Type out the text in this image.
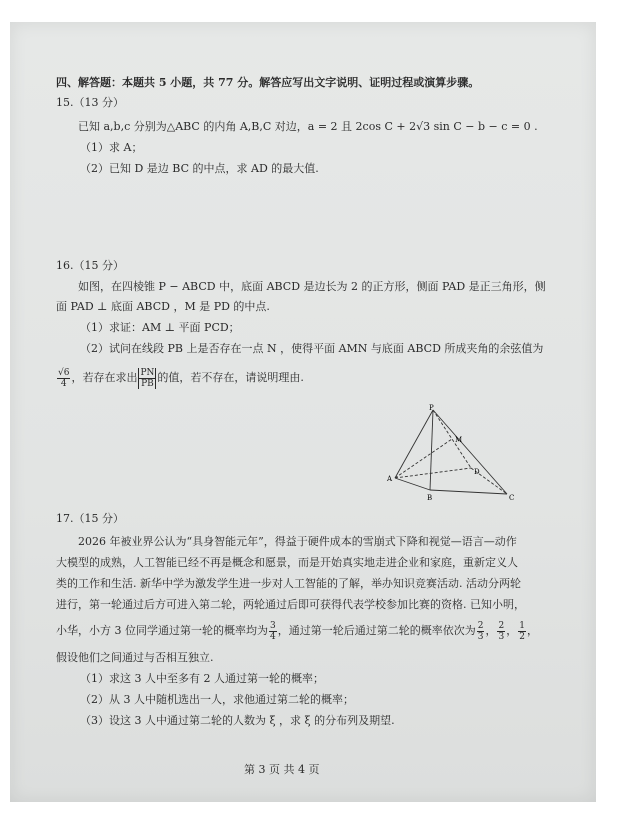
四、解答题：本题共 5 小题，共 77 分。解答应写出文字说明、证明过程或演算步骤。
15.（13 分）
已知 a,b,c 分别为△ABC 的内角 A,B,C 对边，a = 2 且 2cos C + 2√3 sin C − b − c = 0 .
（1）求 A；
（2）已知 D 是边 BC 的中点，求 AD 的最大值.
16.（15 分）
如图，在四棱锥 P − ABCD 中，底面 ABCD 是边长为 2 的正方形，侧面 PAD 是正三角形，侧
面 PAD ⊥ 底面 ABCD ，M 是 PD 的中点.
（1）求证：AM ⊥ 平面 PCD；
（2）试问在线段 PB 上是否存在一点 N ，使得平面 AMN 与底面 ABCD 所成夹角的余弦值为
$\frac{√6}{4}$ ，若存在求出 $\frac{PN}{PB}$ 的值，若不存在，请说明理由.
P
M
A
B	C
D
17.（15 分）
2026 年被业界公认为“具身智能元年”，得益于硬件成本的雪崩式下降和视觉—语言—动作
大模型的成熟，人工智能已经不再是概念和愿景，而是开始真实地走进企业和家庭，重新定义人
类的工作和生活. 新华中学为激发学生进一步对人工智能的了解，举办知识竞赛活动. 活动分两轮
进行，第一轮通过后方可进入第二轮，两轮通过后即可获得代表学校参加比赛的资格. 已知小明，
小华，小方 3 位同学通过第一轮的概率均为 $\frac{3}{4}$ ，通过第一轮后通过第二轮的概率依次为 $\frac{2}{3}$ ， $\frac{2}{3}$ ， $\frac{1}{2}$ ，
假设他们之间通过与否相互独立.
（1）求这 3 人中至多有 2 人通过第一轮的概率；
（2）从 3 人中随机选出一人，求他通过第二轮的概率；
（3）设这 3 人中通过第二轮的人数为 ξ ，求 ξ 的分布列及期望.
第 3 页 共 4 页
